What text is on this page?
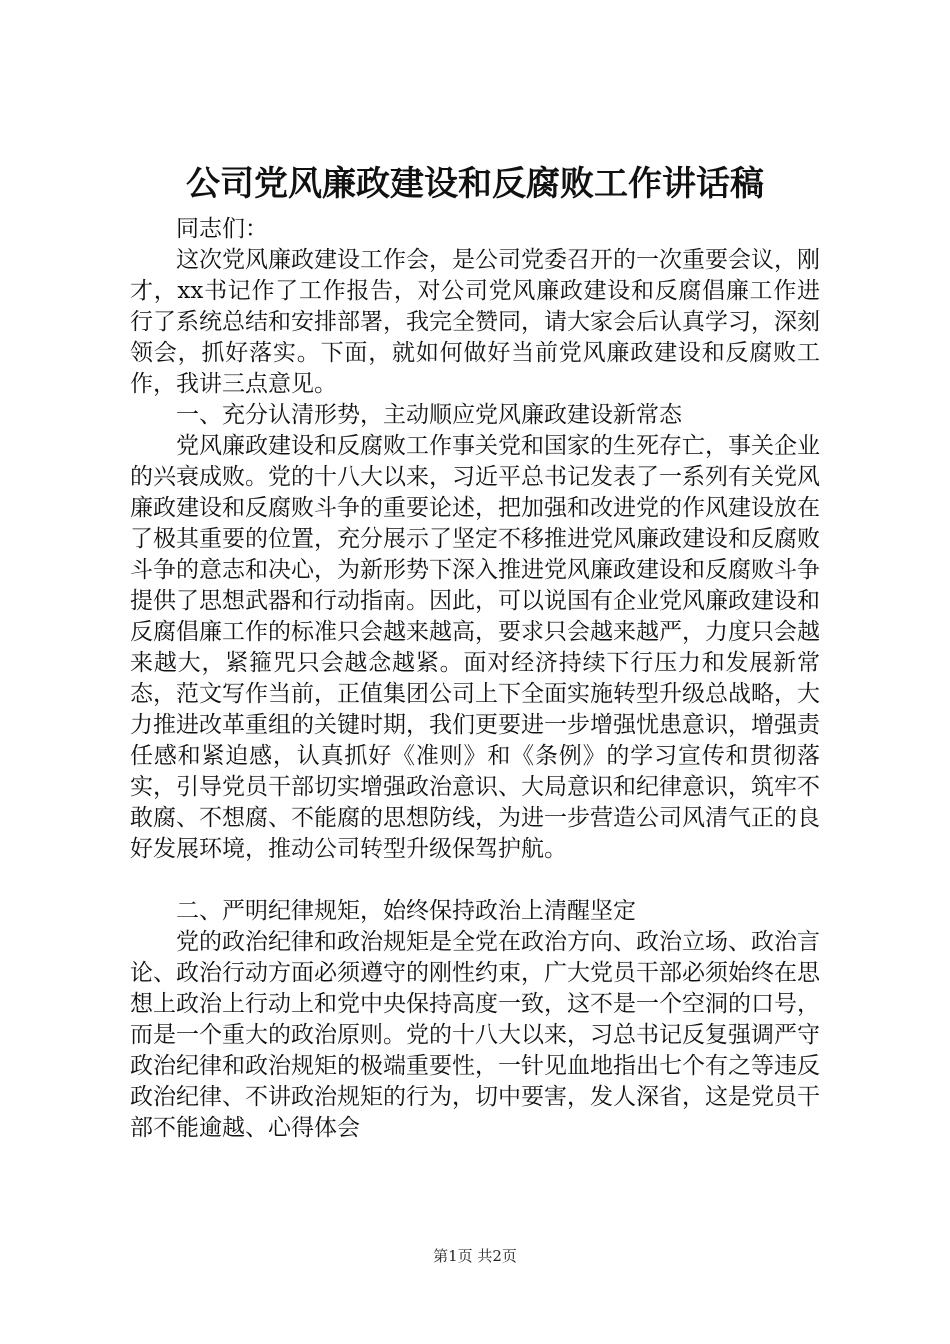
公司党风廉政建设和反腐败工作讲话稿

同志们：

这次党风廉政建设工作会，是公司党委召开的一次重要会议，刚才，xx书记作了工作报告，对公司党风廉政建设和反腐倡廉工作进行了系统总结和安排部署，我完全赞同，请大家会后认真学习，深刻领会，抓好落实。下面，就如何做好当前党风廉政建设和反腐败工作，我讲三点意见。

一、充分认清形势，主动顺应党风廉政建设新常态

党风廉政建设和反腐败工作事关党和国家的生死存亡，事关企业的兴衰成败。党的十八大以来，习近平总书记发表了一系列有关党风廉政建设和反腐败斗争的重要论述，把加强和改进党的作风建设放在了极其重要的位置，充分展示了坚定不移推进党风廉政建设和反腐败斗争的意志和决心，为新形势下深入推进党风廉政建设和反腐败斗争提供了思想武器和行动指南。因此，可以说国有企业党风廉政建设和反腐倡廉工作的标准只会越来越高，要求只会越来越严，力度只会越来越大，紧箍咒只会越念越紧。面对经济持续下行压力和发展新常态，范文写作当前，正值集团公司上下全面实施转型升级总战略，大力推进改革重组的关键时期，我们更要进一步增强忧患意识，增强责任感和紧迫感，认真抓好《准则》和《条例》的学习宣传和贯彻落实，引导党员干部切实增强政治意识、大局意识和纪律意识，筑牢不敢腐、不想腐、不能腐的思想防线，为进一步营造公司风清气正的良好发展环境，推动公司转型升级保驾护航。

二、严明纪律规矩，始终保持政治上清醒坚定

党的政治纪律和政治规矩是全党在政治方向、政治立场、政治言论、政治行动方面必须遵守的刚性约束，广大党员干部必须始终在思想上政治上行动上和党中央保持高度一致，这不是一个空洞的口号，而是一个重大的政治原则。党的十八大以来，习总书记反复强调严守政治纪律和政治规矩的极端重要性，一针见血地指出七个有之等违反政治纪律、不讲政治规矩的行为，切中要害，发人深省，这是党员干部不能逾越、心得体会

第1页 共2页
